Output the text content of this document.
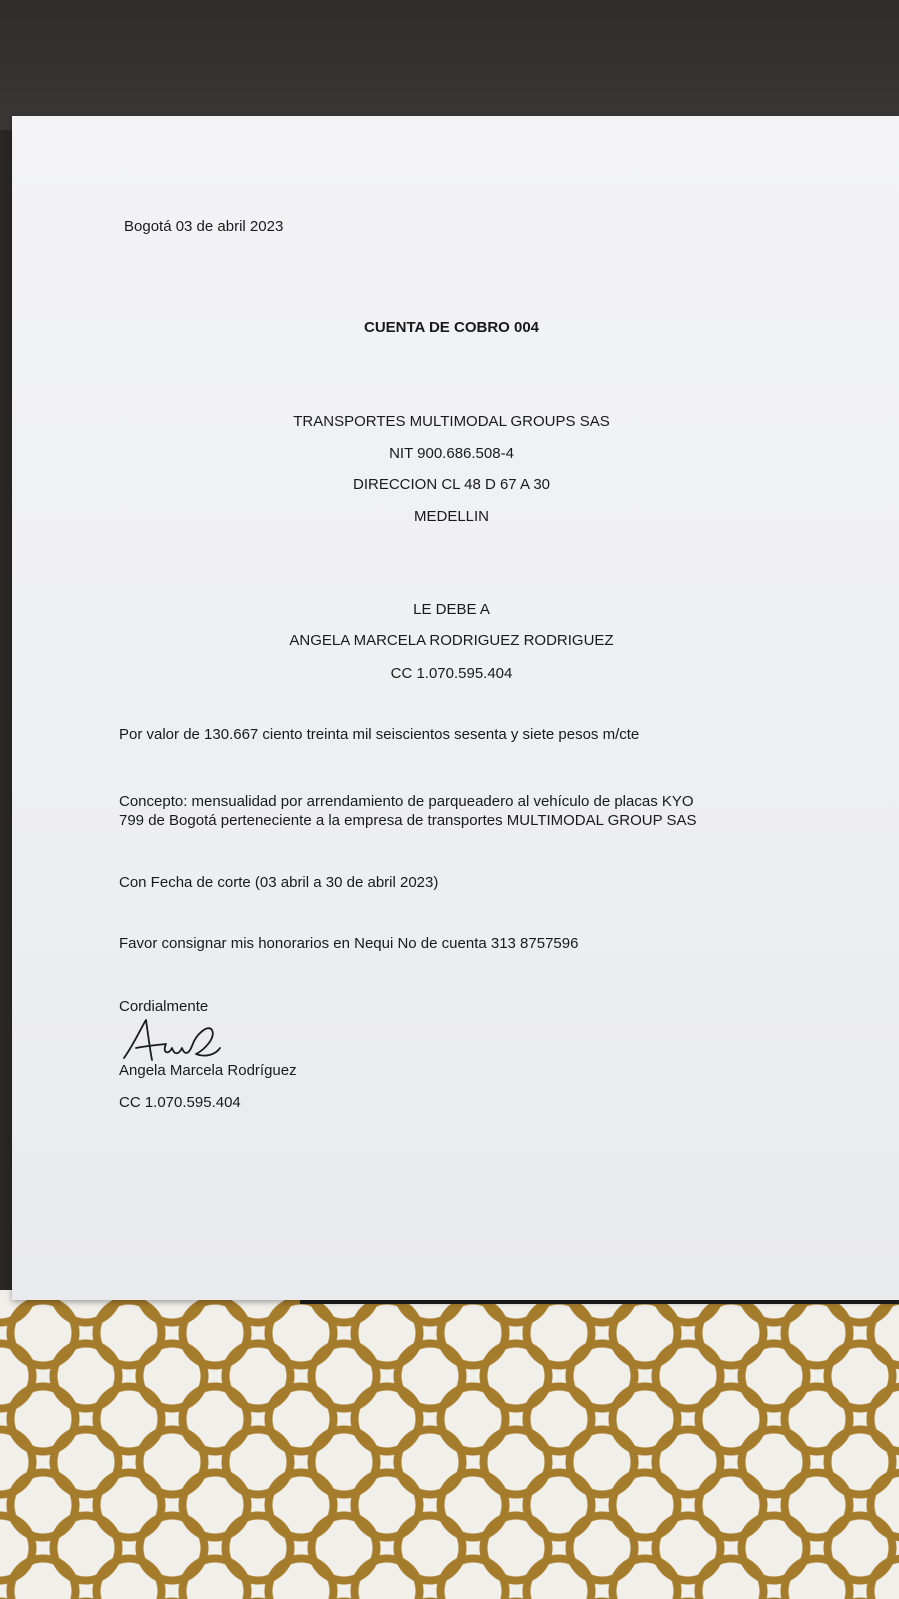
Bogotá 03 de abril 2023
CUENTA DE COBRO 004
TRANSPORTES MULTIMODAL GROUPS SAS
NIT 900.686.508-4
DIRECCION CL 48 D 67 A 30
MEDELLIN
LE DEBE A
ANGELA MARCELA RODRIGUEZ RODRIGUEZ
CC 1.070.595.404
Por valor de 130.667 ciento treinta mil seiscientos sesenta y siete pesos m/cte
Concepto: mensualidad por arrendamiento de parqueadero al vehículo de placas KYO
799 de Bogotá perteneciente a la empresa de transportes MULTIMODAL GROUP SAS
Con Fecha de corte (03 abril a 30 de abril 2023)
Favor consignar mis honorarios en Nequi No de cuenta 313 8757596
Cordialmente
Angela Marcela Rodríguez
CC 1.070.595.404
